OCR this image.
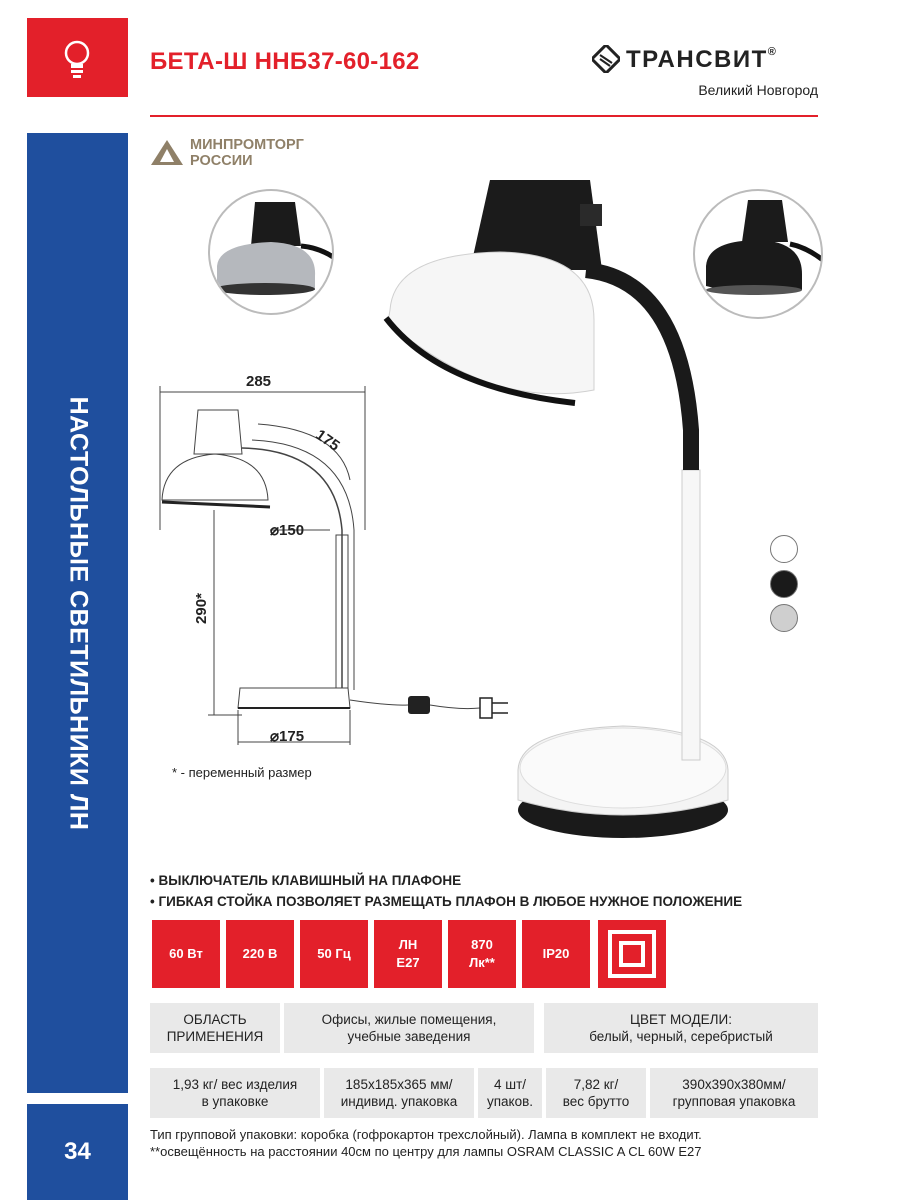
НАСТОЛЬНЫЕ СВЕТИЛЬНИКИ ЛН
34
БЕТА-Ш ННБ37-60-162	ТРАНСВИТ®
Великий Новгород
МИНПРОМТОРГ
РОССИИ
285
175
⌀150
290*
⌀175
* - переменный размер
• ВЫКЛЮЧАТЕЛЬ КЛАВИШНЫЙ НА ПЛАФОНЕ
• ГИБКАЯ СТОЙКА ПОЗВОЛЯЕТ РАЗМЕЩАТЬ ПЛАФОН В ЛЮБОЕ НУЖНОЕ ПОЛОЖЕНИЕ
60 Вт	220 В	50 Гц
ЛН
Е27
870
Лк**
IP20
ОБЛАСТЬ
ПРИМЕНЕНИЯ
Офисы, жилые помещения,
учебные заведения
ЦВЕТ МОДЕЛИ:
белый, черный, серебристый
1,93 кг/ вес изделия
в упаковке
185х185х365 мм/
индивид. упаковка
4 шт/
упаков.
7,82 кг/
вес брутто
390х390х380мм/
групповая упаковка
Тип групповой упаковки: коробка (гофрокартон трехслойный). Лампа в комплект не входит.
**освещённость на расстоянии 40см по центру для лампы OSRAM CLASSIC A CL 60W E27
